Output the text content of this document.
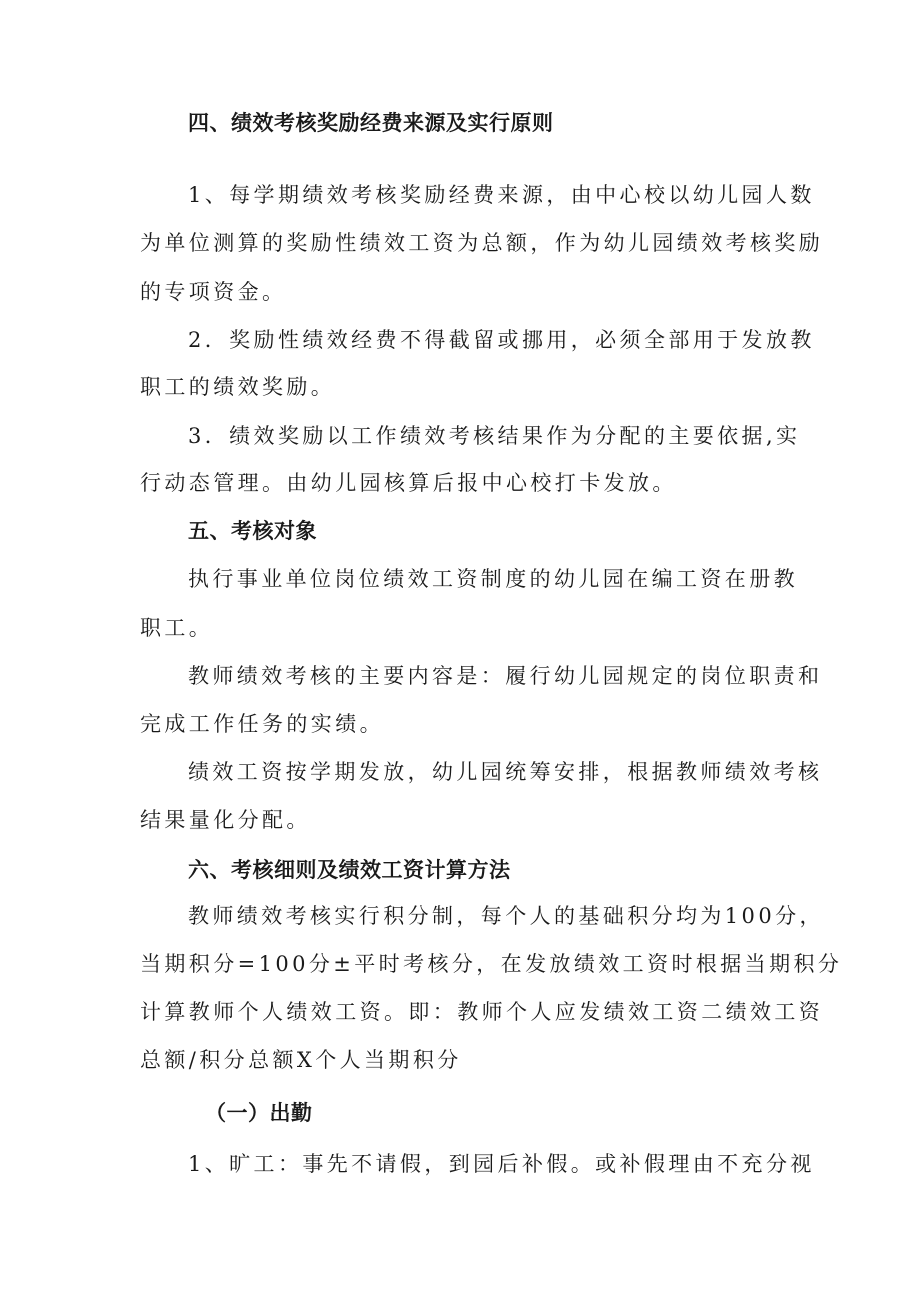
四、绩效考核奖励经费来源及实行原则
1、每学期绩效考核奖励经费来源，由中心校以幼儿园人数
为单位测算的奖励性绩效工资为总额，作为幼儿园绩效考核奖励
的专项资金。
2．奖励性绩效经费不得截留或挪用，必须全部用于发放教
职工的绩效奖励。
3．绩效奖励以工作绩效考核结果作为分配的主要依据,实
行动态管理。由幼儿园核算后报中心校打卡发放。
五、考核对象
执行事业单位岗位绩效工资制度的幼儿园在编工资在册教
职工。
教师绩效考核的主要内容是：履行幼儿园规定的岗位职责和
完成工作任务的实绩。
绩效工资按学期发放，幼儿园统筹安排，根据教师绩效考核
结果量化分配。
六、考核细则及绩效工资计算方法
教师绩效考核实行积分制，每个人的基础积分均为100分，
当期积分=100分±平时考核分，在发放绩效工资时根据当期积分
计算教师个人绩效工资。即：教师个人应发绩效工资二绩效工资
总额/积分总额X个人当期积分
（一）出勤
1、旷工：事先不请假，到园后补假。或补假理由不充分视
